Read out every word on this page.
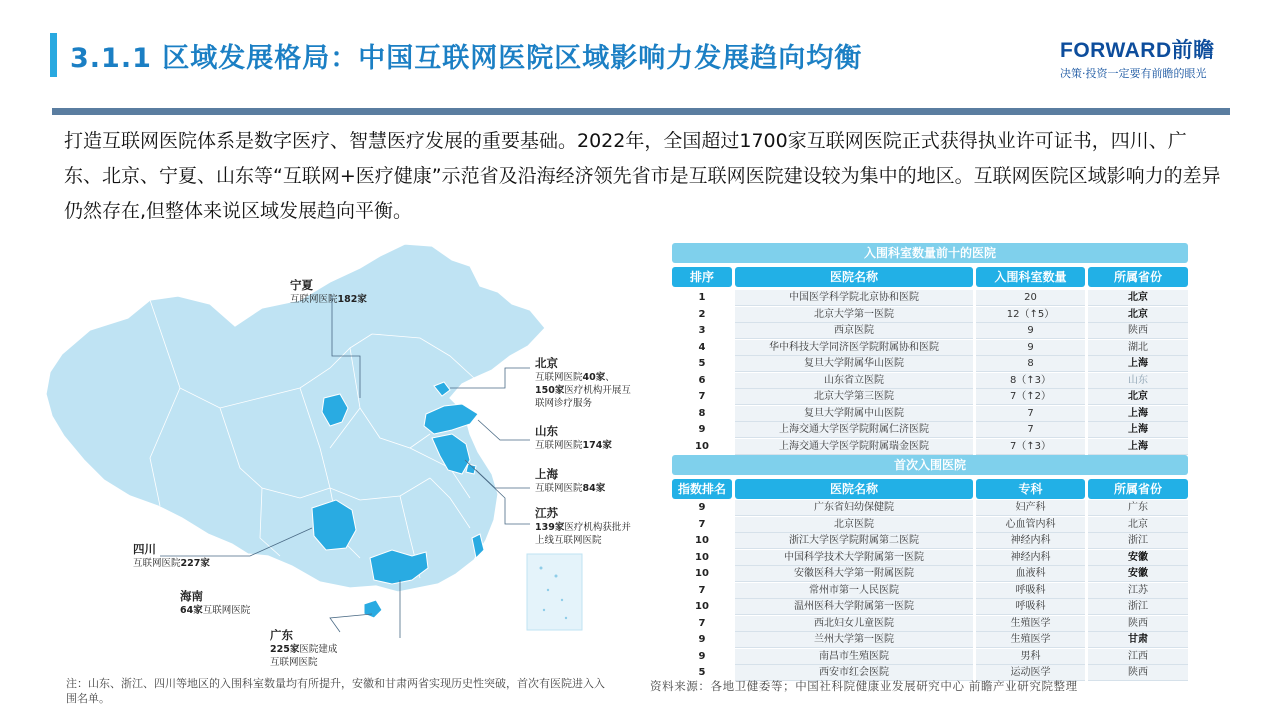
3.1.1 区域发展格局：中国互联网医院区域影响力发展趋向均衡	FORWARD前瞻
决策·投资一定要有前瞻的眼光
打造互联网医院体系是数字医疗、智慧医疗发展的重要基础。2022年，全国超过1700家互联网医院正式获得执业许可证书，四川、广东、北京、宁夏、山东等“互联网+医疗健康”示范省及沿海经济领先省市是互联网医院建设较为集中的地区。互联网医院区域影响力的差异仍然存在,但整体来说区域发展趋向平衡。
宁夏
互联网医院182家
北京
互联网医院40家、
150家医疗机构开展互
联网诊疗服务
山东
互联网医院174家
上海
互联网医院84家
江苏
139家医疗机构获批并
上线互联网医院
四川
互联网医院227家
海南
64家互联网医院
广东
225家医院建成
互联网医院
入围科室数量前十的医院
排序	医院名称	入围科室数量	所属省份
1	中国医学科学院北京协和医院	20	北京
2	北京大学第一医院	12（↑5）	北京
3	西京医院	9	陕西
4	华中科技大学同济医学院附属协和医院	9	湖北
5	复旦大学附属华山医院	8	上海
6	山东省立医院	8（↑3）	山东
7	北京大学第三医院	7（↑2）	北京
8	复旦大学附属中山医院	7	上海
9	上海交通大学医学院附属仁济医院	7	上海
10	上海交通大学医学院附属瑞金医院	7（↑3）	上海
首次入围医院
指数排名	医院名称	专科	所属省份
9	广东省妇幼保健院	妇产科	广东
7	北京医院	心血管内科	北京
10	浙江大学医学院附属第二医院	神经内科	浙江
10	中国科学技术大学附属第一医院	神经内科	安徽
10	安徽医科大学第一附属医院	血液科	安徽
7	常州市第一人民医院	呼吸科	江苏
10	温州医科大学附属第一医院	呼吸科	浙江
7	西北妇女儿童医院	生殖医学	陕西
9	兰州大学第一医院	生殖医学	甘肃
9	南昌市生殖医院	男科	江西
5	西安市红会医院	运动医学	陕西
注：山东、浙江、四川等地区的入围科室数量均有所提升，安徽和甘肃两省实现历史性突破，首次有医院进入入围名单。
资料来源：各地卫健委等；中国社科院健康业发展研究中心 前瞻产业研究院整理
